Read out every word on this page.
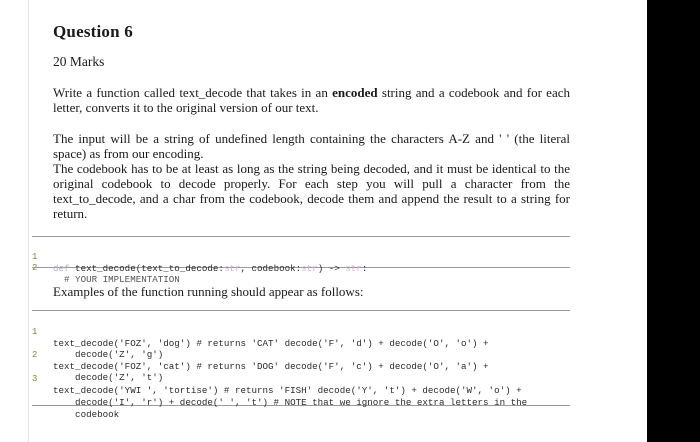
Question 6
20 Marks
Write a function called text_decode that takes in an encoded string and a codebook and for each letter, converts it to the original version of our text.

The input will be a string of undefined length containing the characters A-Z and ' ' (the literal space) as from our encoding.

The codebook has to be at least as long as the string being decoded, and it must be identical to the original codebook to decode properly. For each step you will pull a character from the text_to_decode, and a char from the codebook, decode them and append the result to a string for return.

1

def text_decode(text_to_decode:str, codebook:str) -> str:

2

# YOUR IMPLEMENTATION

Examples of the function running should appear as follows:

1

text_decode('FOZ', 'dog') # returns 'CAT' decode('F', 'd') + decode('O', 'o') +

decode('Z', 'g')

2

text_decode('FOZ', 'cat') # returns 'DOG' decode('F', 'c') + decode('O', 'a') +

decode('Z', 't')

3

text_decode('YWI ', 'tortise') # returns 'FISH' decode('Y', 't') + decode('W', 'o') +

decode('I', 'r') + decode(' ', 't') # NOTE that we ignore the extra letters in the

codebook
